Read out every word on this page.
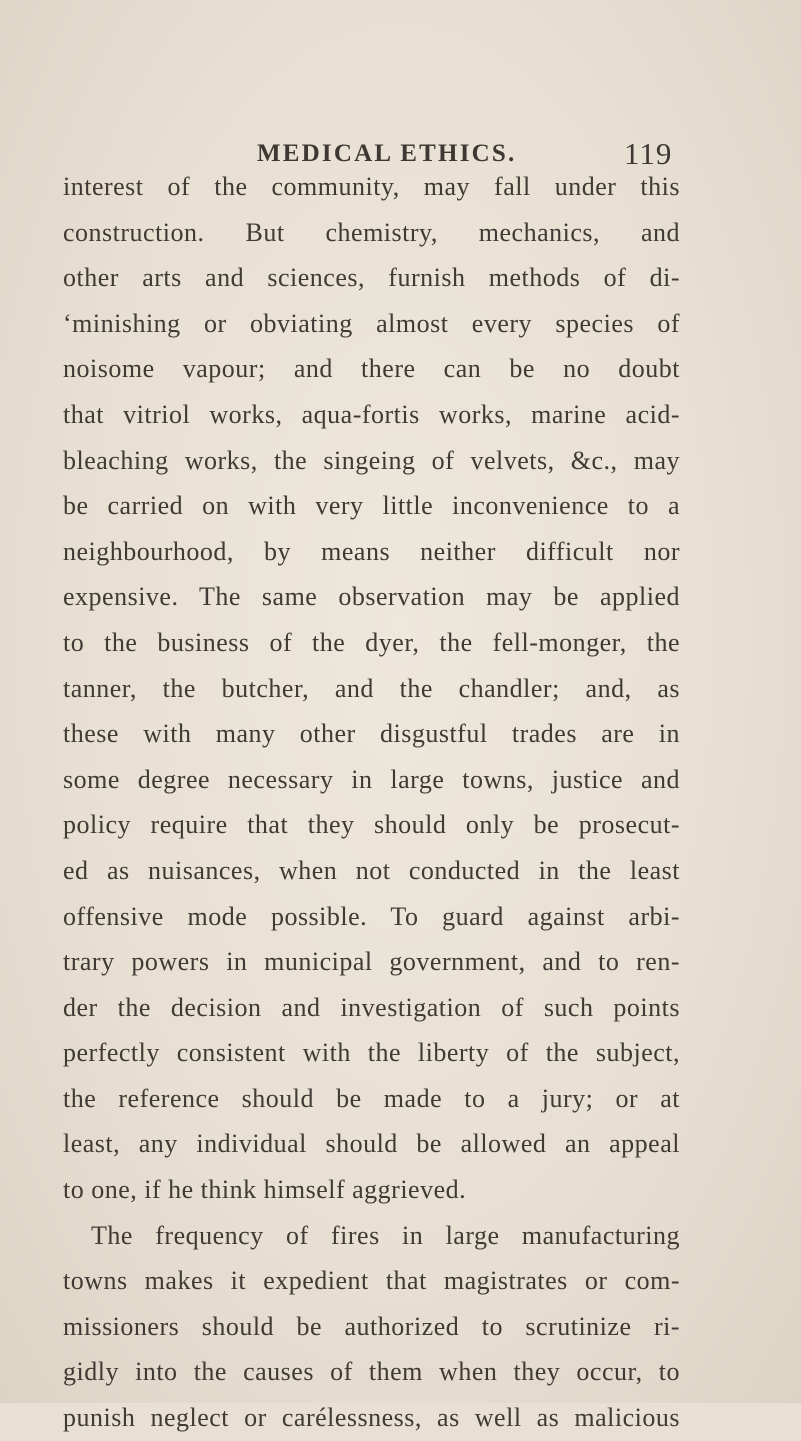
MEDICAL ETHICS.	119
interest of the community, may fall under this
construction. But chemistry, mechanics, and
other arts and sciences, furnish methods of di-
‘minishing or obviating almost every species of
noisome vapour; and there can be no doubt
that vitriol works, aqua-fortis works, marine acid-
bleaching works, the singeing of velvets, &c., may
be carried on with very little inconvenience to a
neighbourhood, by means neither difficult nor
expensive. The same observation may be applied
to the business of the dyer, the fell-monger, the
tanner, the butcher, and the chandler; and, as
these with many other disgustful trades are in
some degree necessary in large towns, justice and
policy require that they should only be prosecut-
ed as nuisances, when not conducted in the least
offensive mode possible. To guard against arbi-
trary powers in municipal government, and to ren-
der the decision and investigation of such points
perfectly consistent with the liberty of the subject,
the reference should be made to a jury; or at
least, any individual should be allowed an appeal
to one, if he think himself aggrieved.
The frequency of fires in large manufacturing
towns makes it expedient that magistrates or com-
missioners should be authorized to scrutinize ri-
gidly into the causes of them when they occur, to
punish neglect or carélessness, as well as malicious
